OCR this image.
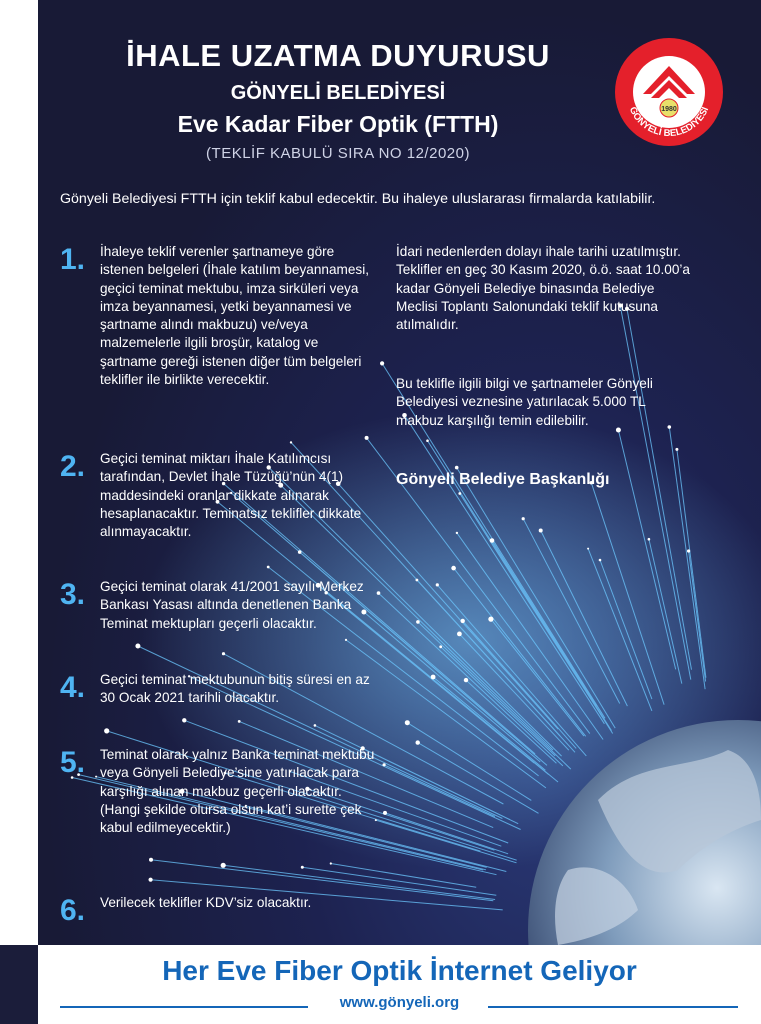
İHALE UZATMA DUYURUSU
GÖNYELİ BELEDİYESİ
Eve Kadar Fiber Optik (FTTH)

(TEKLİF KABULÜ SIRA NO 12/2020)

1980
GÖNYELİ BELEDİYESİ

Gönyeli Belediyesi FTTH için teklif kabul edecektir. Bu ihaleye uluslararası firmalarda katılabilir.

1. İhaleye teklif verenler şartnameye göre istenen belgeleri (İhale katılım beyannamesi, geçici teminat mektubu, imza sirküleri veya imza beyannamesi, yetki beyannamesi ve şartname alındı makbuzu) ve/veya malzemelerle ilgili broşür, katalog ve şartname gereği istenen diğer tüm belgeleri teklifler ile birlikte verecektir.

2. Geçici teminat miktarı İhale Katılımcısı tarafından, Devlet İhale Tüzüğü’nün 4(1) maddesindeki oranlar dikkate alınarak hesaplanacaktır. Teminatsız teklifler dikkate alınmayacaktır.

3. Geçici teminat olarak 41/2001 sayılı Merkez Bankası Yasası altında denetlenen Banka Teminat mektupları geçerli olacaktır.

4. Geçici teminat mektubunun bitiş süresi en az 30 Ocak 2021 tarihli olacaktır.

5. Teminat olarak yalnız Banka teminat mektubu veya Gönyeli Belediye’sine yatırılacak para karşılığı alınan makbuz geçerli olacaktır. (Hangi şekilde olursa olsun kat’i surette çek kabul edilmeyecektir.)

6. Verilecek teklifler KDV’siz olacaktır.

İdari nedenlerden dolayı ihale tarihi uzatılmıştır. Teklifler en geç 30 Kasım 2020, ö.ö. saat 10.00’a kadar Gönyeli Belediye binasında Belediye Meclisi Toplantı Salonundaki teklif kutusuna atılmalıdır.

Bu teklifle ilgili bilgi ve şartnameler Gönyeli Belediyesi veznesine yatırılacak 5.000 TL makbuz karşılığı temin edilebilir.

Gönyeli Belediye Başkanlığı

Her Eve Fiber Optik İnternet Geliyor

www.gönyeli.org
